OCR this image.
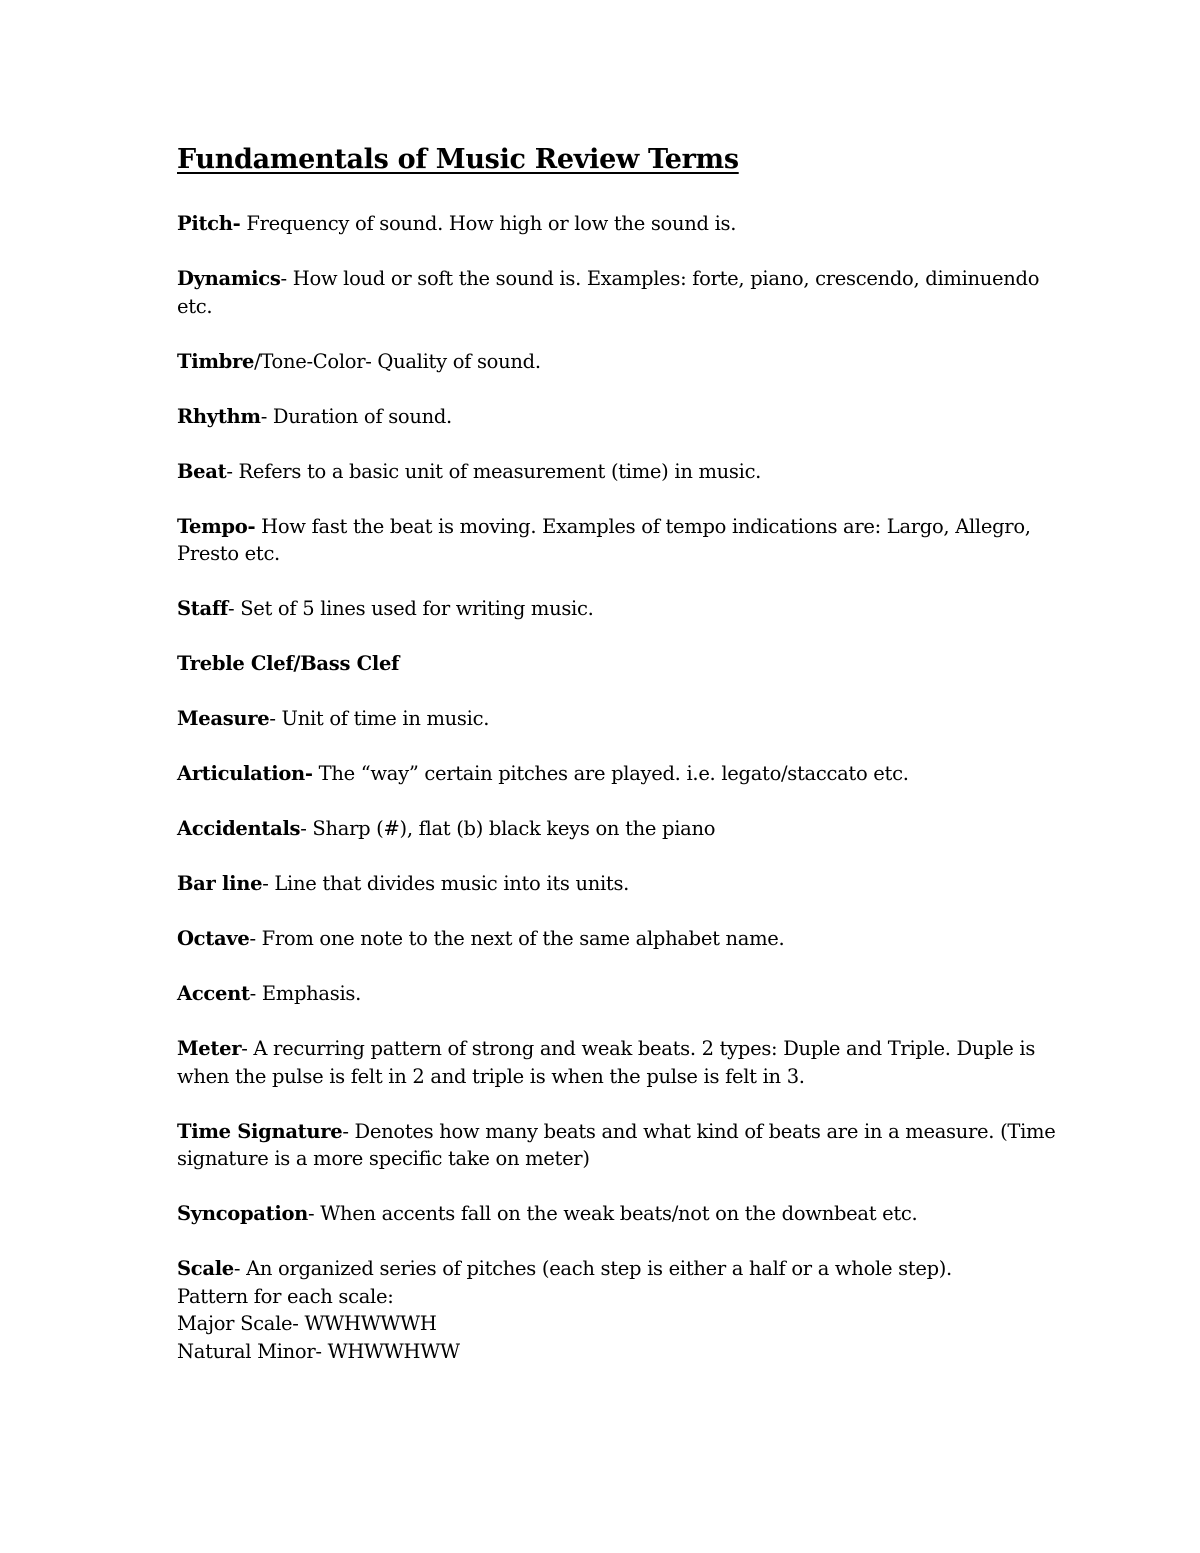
Fundamentals of Music Review Terms
Pitch- Frequency of sound. How high or low the sound is.
Dynamics- How loud or soft the sound is. Examples: forte, piano, crescendo, diminuendo etc.
Timbre/Tone-Color- Quality of sound.
Rhythm- Duration of sound.
Beat- Refers to a basic unit of measurement (time) in music.
Tempo- How fast the beat is moving. Examples of tempo indications are: Largo, Allegro, Presto etc.
Staff- Set of 5 lines used for writing music.
Treble Clef/Bass Clef
Measure- Unit of time in music.
Articulation- The “way” certain pitches are played. i.e. legato/staccato etc.
Accidentals- Sharp (#), flat (b) black keys on the piano
Bar line- Line that divides music into its units.
Octave- From one note to the next of the same alphabet name.
Accent- Emphasis.
Meter- A recurring pattern of strong and weak beats. 2 types: Duple and Triple. Duple is when the pulse is felt in 2 and triple is when the pulse is felt in 3.
Time Signature- Denotes how many beats and what kind of beats are in a measure. (Time signature is a more specific take on meter)
Syncopation- When accents fall on the weak beats/not on the downbeat etc.
Scale- An organized series of pitches (each step is either a half or a whole step).
Pattern for each scale:
Major Scale- WWHWWWH
Natural Minor- WHWWHWW
